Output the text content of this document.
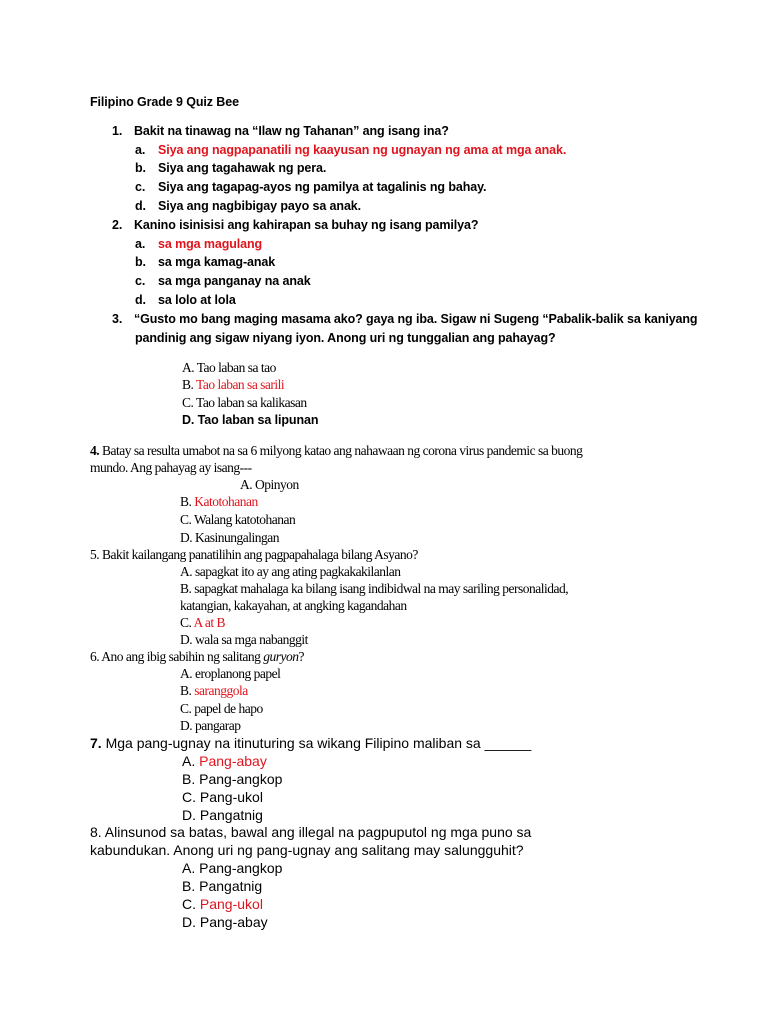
Filipino Grade 9 Quiz Bee
1. Bakit na tinawag na “Ilaw ng Tahanan” ang isang ina?
a. Siya ang nagpapanatili ng kaayusan ng ugnayan ng ama at mga anak.
b. Siya ang tagahawak ng pera.
c. Siya ang tagapag-ayos ng pamilya at tagalinis ng bahay.
d. Siya ang nagbibigay payo sa anak.
2. Kanino isinisisi ang kahirapan sa buhay ng isang pamilya?
a. sa mga magulang
b. sa mga kamag-anak
c. sa mga panganay na anak
d. sa lolo at lola
3. “Gusto mo bang maging masama ako? gaya ng iba. Sigaw ni Sugeng “Pabalik-balik sa kaniyang
pandinig ang sigaw niyang iyon. Anong uri ng tunggalian ang pahayag?
A. Tao laban sa tao
B. Tao laban sa sarili
C. Tao laban sa kalikasan
D. Tao laban sa lipunan
4. Batay sa resulta umabot na sa 6 milyong katao ang nahawaan ng corona virus pandemic sa buong
mundo. Ang pahayag ay isang---
A. Opinyon
B. Katotohanan
C. Walang katotohanan
D. Kasinungalingan
5. Bakit kailangang panatilihin ang pagpapahalaga bilang Asyano?
A. sapagkat ito ay ang ating pagkakakilanlan
B. sapagkat mahalaga ka bilang isang indibidwal na may sariling personalidad,
katangian, kakayahan, at angking kagandahan
C. A at B
D. wala sa mga nabanggit
6. Ano ang ibig sabihin ng salitang guryon?
A. eroplanong papel
B. saranggola
C. papel de hapo
D. pangarap
7. Mga pang-ugnay na itinuturing sa wikang Filipino maliban sa ______
A. Pang-abay
B. Pang-angkop
C. Pang-ukol
D. Pangatnig
8. Alinsunod sa batas, bawal ang illegal na pagpuputol ng mga puno sa
kabundukan. Anong uri ng pang-ugnay ang salitang may salungguhit?
A. Pang-angkop
B. Pangatnig
C. Pang-ukol
D. Pang-abay
